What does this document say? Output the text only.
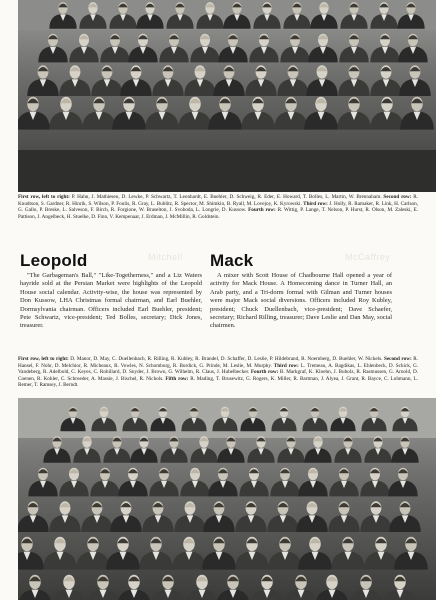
First row, left to right: P. Hahn, J. Mathiesen, D. Lewke, P. Schwartz, T. Leonhardt, E. Buehler, D. Schweig, R. Eder, E. Howard, T. Bolles, L. Martin, W. Brennaham. Second row: R. Knudtson, S. Gardner, R. Hinrik, S. Wilson, P. Foulis, R. Gray, L. Bublitz, R. Spector, M. Shimkin, B. Ryall, M. Lovejoy, K. Kyrowski. Third row: J. Holly, R. Ramaker, R. Link, H. Carlson, G. Gallo, P. Breske, L. Salveson, F. Birch, R. Forgione, W. Braselton, J. Svoboda, L. Longrie, D. Kussow. Fourth row: R. Wittig, P. Lange, T. Nelson, P. Hurst, R. Olson, M. Zaleski, E. Pattison, J. Angelbeck, H. Stuelke, D. Finn, V. Kempenaar, J. Erdman, J. McMillin, R. Goldstein.
Mitchell	McCaffrey
Leopold	Mack
"The Garbageman's Ball," "Like-Togetherness," and a Liz Waters hayride sold at the Persian Market were highlights of the Leopold House social calendar. Activity-wise, the house was represented by Don Kussow, LHA Christmas formal chairman, and Earl Buehler, Dormsylvania chairman. Officers included Earl Buehler, president; Pete Schwartz, vice-president; Ted Bolles, secretary; Dick Jones, treasurer.
A mixer with Scott House of Chadbourne Hall opened a year of activity for Mack House. A Homecoming dance in Turner Hall, an Arab party, and a Tri-dorm formal with Gilman and Turner houses were major Mack social diversions. Officers included Roy Kubley, president; Chuck Duellenbach, vice-president; Dave Schaefer, secretary; Richard Rilling, treasurer; Dave Leslie and Dan May, social chairmen.
First row, left to right: D. Manor, D. May, C. Duellenbach, R. Rilling, R. Kubley, R. Brandel, D. Schaffer, D. Leslie, P. Hildebrand, R. Noernberg, D. Buehler, W. Nickels. Second row: R. Hansel, F. Nohr, D. Melchior, R. Micheaux, R. Vowles, N. Schomburg, R. Burdick, G. Prinde, M. Leslie, M. Murphy. Third row: L. Tremeau, A. Bagdikas, L. Ehlenbeck, D. Schick, G. Vandeberg, R. Adelbold, C. Keyes, C. Robillard, D. Snyder, J. Brown, G. Wilhelm, R. Claus, J. Hubelbecker. Fourth row: B. Markgraf, K. Kloehn, J. Bubolz, R. Rasmussen, G. Arnold, D. Coenen, R. Kohler, C. Schroeder, A. Massie, J. Bischel, R. Nichols. Fifth row: R. Mading, T. Brusewitz, G. Rogers, K. Miller, R. Bartman, J. Alyea, J. Grant, R. Bayce, C. Lohmann, L. Remer, T. Ramsey, J. Berndt.
